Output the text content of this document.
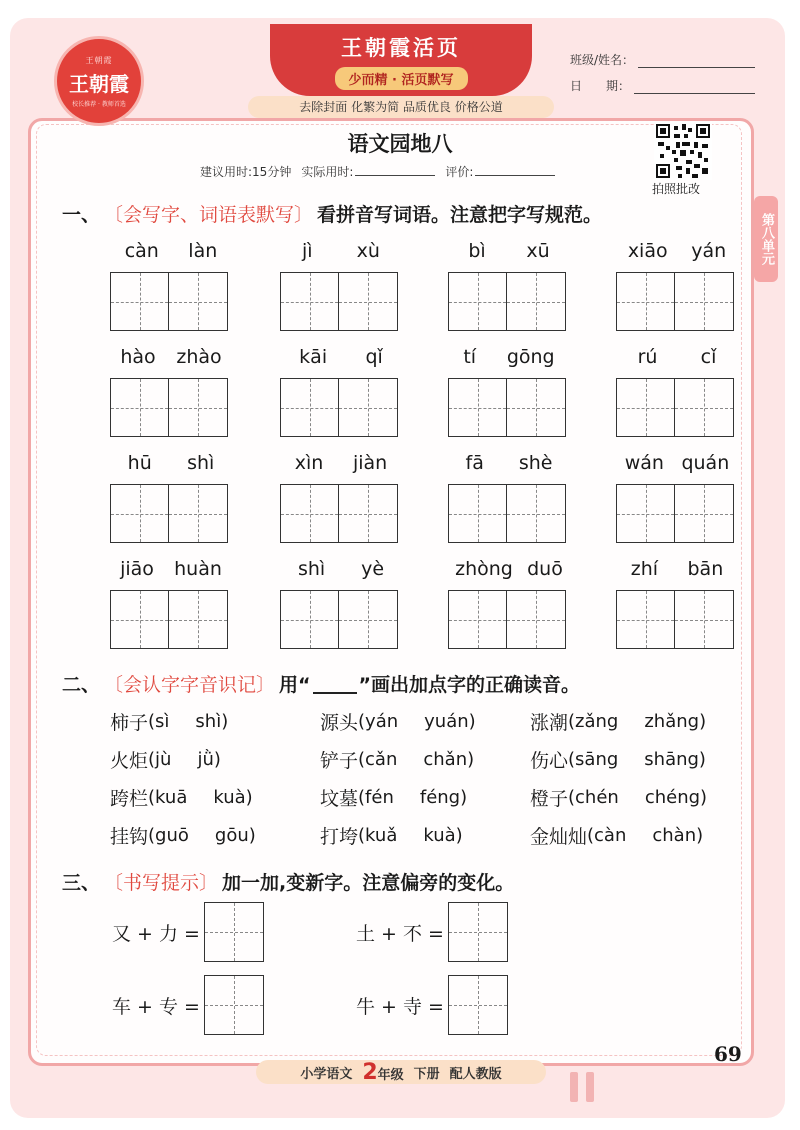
王朝霞
王朝霞
校长推荐 · 教师首选
王朝霞活页
少而精 · 活页默写
去除封面 化繁为简 品质优良 价格公道
班级/姓名：
日　　期：
语文园地八
建议用时:15分钟 实际用时:	评价:
拍照批改
第八单元
一、 〔会写字、词语表默写〕 看拼音写词语。注意把字写规范。
càn làn	jì xù	bì xū	xiāo yán
hào zhào	kāi qǐ	tí gōng	rú cǐ
hū shì	xìn jiàn	fā shè	wán quán
jiāo huàn	shì yè	zhòng duō	zhí bān
二、 〔会认字字音识记〕 用“	”画出加点字的正确读音。
柿子 (sì shì)	源头 (yán yuán)	涨潮 (zǎng zhǎng)
火炬 (jù jǜ)	铲子 (cǎn chǎn)	伤心 (sāng shāng)
跨栏 (kuā kuà)	坟墓 (fén féng)	橙子 (chén chéng)
挂钩 (guō gōu)	打垮 (kuǎ kuà)	金灿灿 (càn chàn)
三、 〔书写提示〕 加一加,变新字。注意偏旁的变化。
又 + 力 =	土 + 不 =
车 + 专 =	牛 + 寺 =
69
小学语文 2年级 下册 配人教版
